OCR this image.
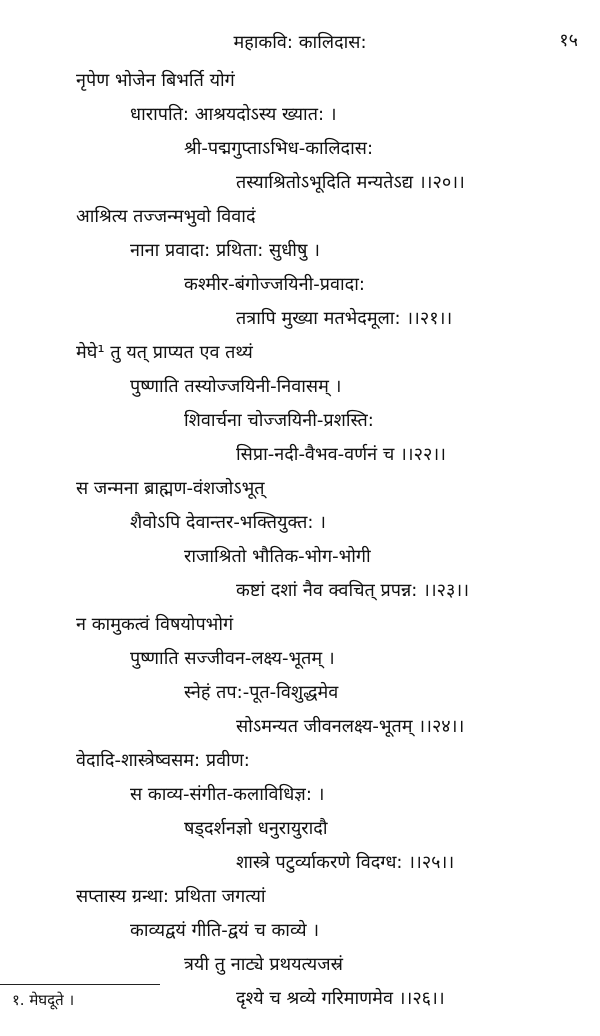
महाकवि: कालिदास:	१५
नृपेण भोजेन बिभर्ति योगं
धारापति: आश्रयदोऽस्य ख्यात: ।
श्री-पद्मगुप्ताऽभिध-कालिदास:
तस्याश्रितोऽभूदिति मन्यतेऽद्य ।।२०।।
आश्रित्य तज्जन्मभुवो विवादं
नाना प्रवादा: प्रथिता: सुधीषु ।
कश्मीर-बंगोज्जयिनी-प्रवादा:
तत्रापि मुख्या मतभेदमूला: ।।२१।।
मेघे¹ तु यत् प्राप्यत एव तथ्यं
पुष्णाति तस्योज्जयिनी-निवासम् ।
शिवार्चना चोज्जयिनी-प्रशस्ति:
सिप्रा-नदी-वैभव-वर्णनं च ।।२२।।
स जन्मना ब्राह्मण-वंशजोऽभूत्
शैवोऽपि देवान्तर-भक्तियुक्त: ।
राजाश्रितो भौतिक-भोग-भोगी
कष्टां दशां नैव क्वचित् प्रपन्न: ।।२३।।
न कामुकत्वं विषयोपभोगं
पुष्णाति सज्जीवन-लक्ष्य-भूतम् ।
स्नेहं तप:-पूत-विशुद्धमेव
सोऽमन्यत जीवनलक्ष्य-भूतम् ।।२४।।
वेदादि-शास्त्रेष्वसम: प्रवीण:
स काव्य-संगीत-कलाविधिज्ञ: ।
षड्दर्शनज्ञो धनुरायुरादौ
शास्त्रे पटुर्व्याकरणे विदग्ध: ।।२५।।
सप्तास्य ग्रन्था: प्रथिता जगत्यां
काव्यद्वयं गीति-द्वयं च काव्ये ।
त्रयी तु नाट्ये प्रथयत्यजस्रं
दृश्ये च श्रव्ये गरिमाणमेव ।।२६।।
१. मेघदूते ।
